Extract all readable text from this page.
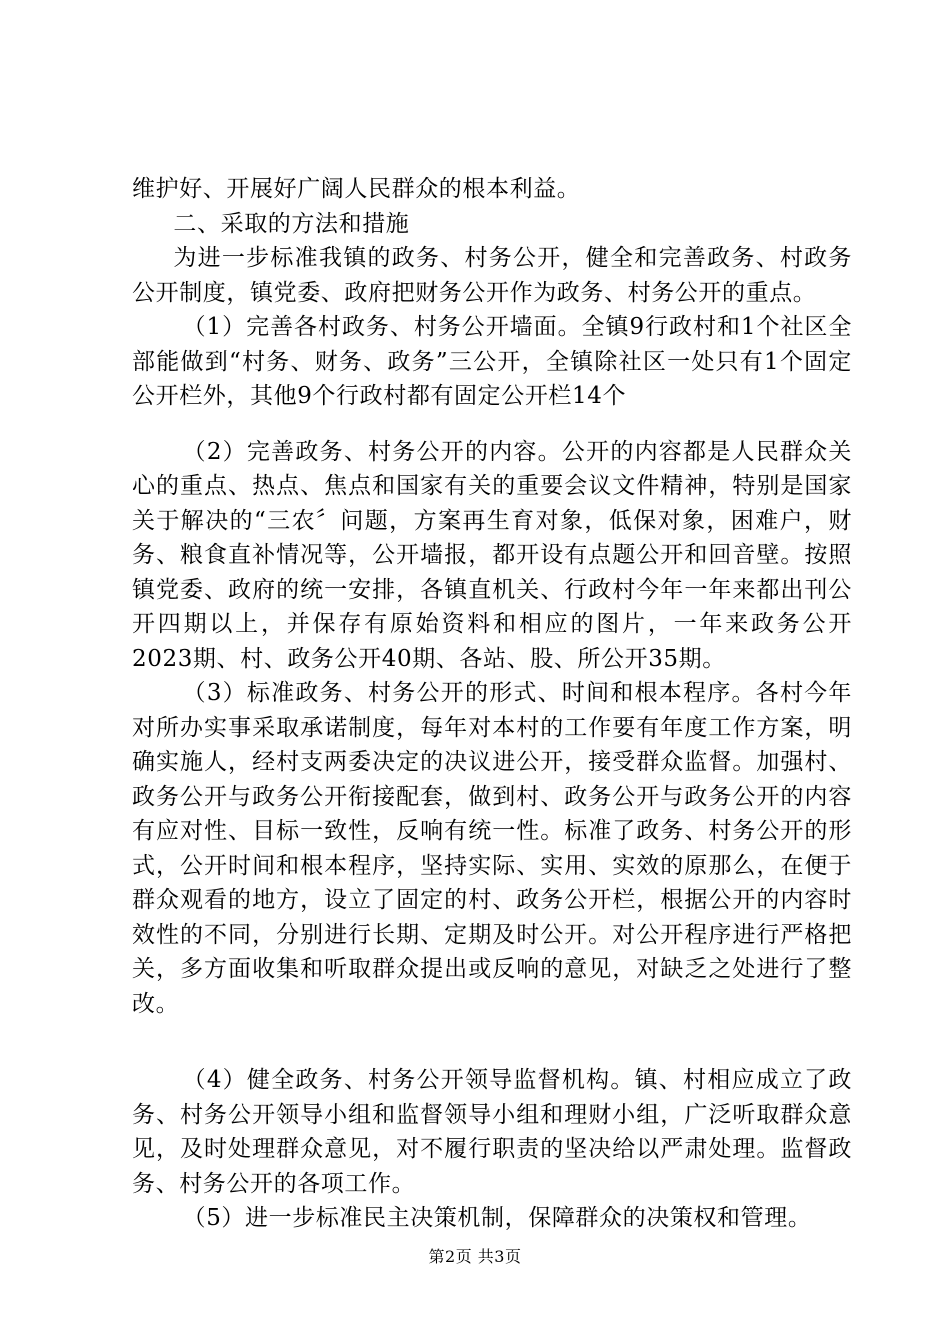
维护好、开展好广阔人民群众的根本利益。

二、采取的方法和措施

为进一步标准我镇的政务、村务公开，健全和完善政务、村政务公开制度，镇党委、政府把财务公开作为政务、村务公开的重点。

（1）完善各村政务、村务公开墙面。全镇9行政村和1个社区全部能做到“村务、财务、政务”三公开，全镇除社区一处只有1个固定公开栏外，其他9个行政村都有固定公开栏14个

（2）完善政务、村务公开的内容。公开的内容都是人民群众关心的重点、热点、焦点和国家有关的重要会议文件精神，特别是国家关于解决的“三农〞问题，方案再生育对象，低保对象，困难户，财务、粮食直补情况等，公开墙报，都开设有点题公开和回音壁。按照镇党委、政府的统一安排，各镇直机关、行政村今年一年来都出刊公开四期以上，并保存有原始资料和相应的图片，一年来政务公开2023期、村、政务公开40期、各站、股、所公开35期。

（3）标准政务、村务公开的形式、时间和根本程序。各村今年对所办实事采取承诺制度，每年对本村的工作要有年度工作方案，明确实施人，经村支两委决定的决议进公开，接受群众监督。加强村、政务公开与政务公开衔接配套，做到村、政务公开与政务公开的内容有应对性、目标一致性，反响有统一性。标准了政务、村务公开的形式，公开时间和根本程序，坚持实际、实用、实效的原那么，在便于群众观看的地方，设立了固定的村、政务公开栏，根据公开的内容时效性的不同，分别进行长期、定期及时公开。对公开程序进行严格把关，多方面收集和听取群众提出或反响的意见，对缺乏之处进行了整改。

（4）健全政务、村务公开领导监督机构。镇、村相应成立了政务、村务公开领导小组和监督领导小组和理财小组，广泛听取群众意见，及时处理群众意见，对不履行职责的坚决给以严肃处理。监督政务、村务公开的各项工作。

（5）进一步标准民主决策机制，保障群众的决策权和管理。

第2页 共3页
